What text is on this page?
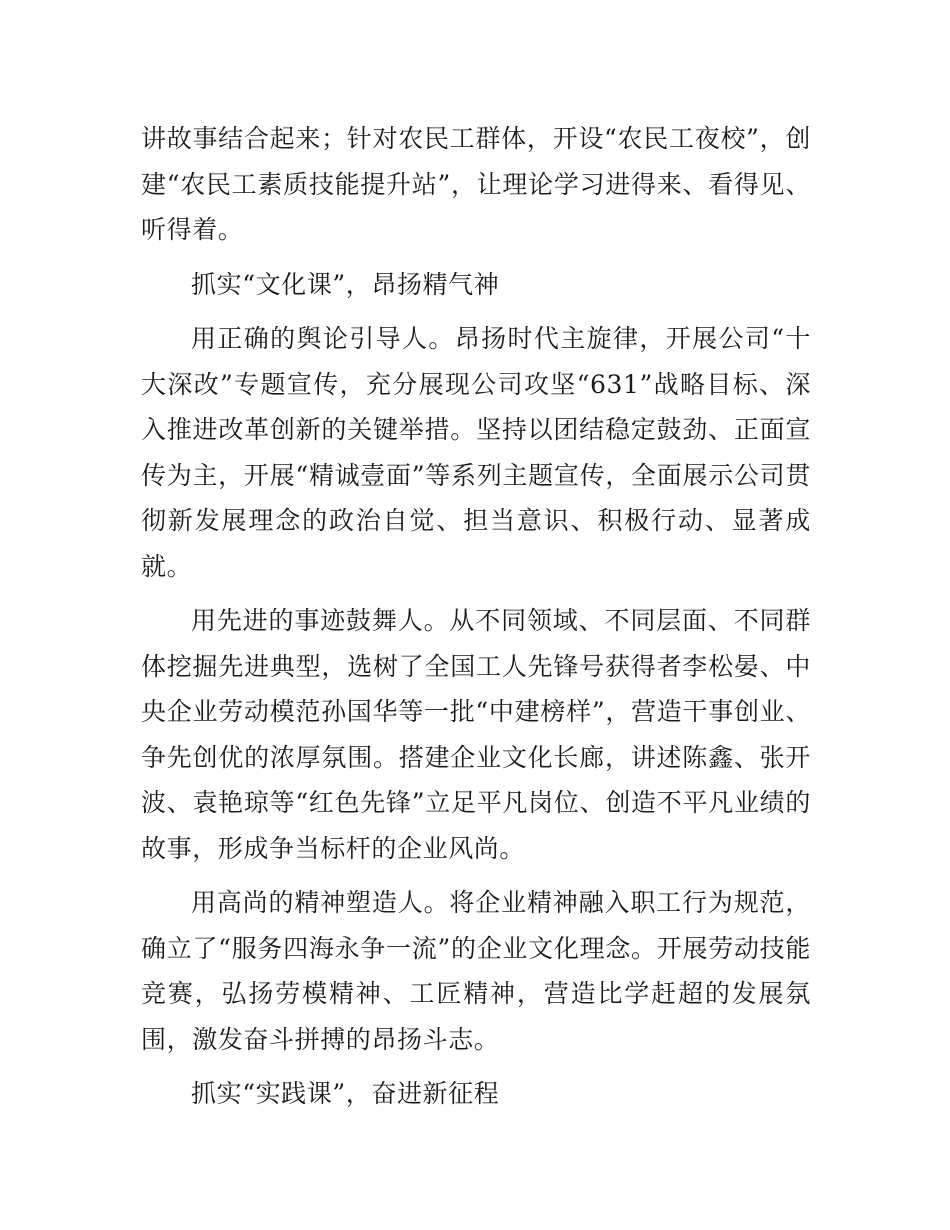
讲故事结合起来；针对农民工群体，开设“农民工夜校”，创建“农民工素质技能提升站”，让理论学习进得来、看得见、听得着。

抓实“文化课”，昂扬精气神

用正确的舆论引导人。昂扬时代主旋律，开展公司“十大深改”专题宣传，充分展现公司攻坚“631”战略目标、深入推进改革创新的关键举措。坚持以团结稳定鼓劲、正面宣传为主，开展“精诚壹面”等系列主题宣传，全面展示公司贯彻新发展理念的政治自觉、担当意识、积极行动、显著成就。

用先进的事迹鼓舞人。从不同领域、不同层面、不同群体挖掘先进典型，选树了全国工人先锋号获得者李松晏、中央企业劳动模范孙国华等一批“中建榜样”，营造干事创业、争先创优的浓厚氛围。搭建企业文化长廊，讲述陈鑫、张开波、袁艳琼等“红色先锋”立足平凡岗位、创造不平凡业绩的故事，形成争当标杆的企业风尚。

用高尚的精神塑造人。将企业精神融入职工行为规范，确立了“服务四海永争一流”的企业文化理念。开展劳动技能竞赛，弘扬劳模精神、工匠精神，营造比学赶超的发展氛围，激发奋斗拼搏的昂扬斗志。

抓实“实践课”，奋进新征程
